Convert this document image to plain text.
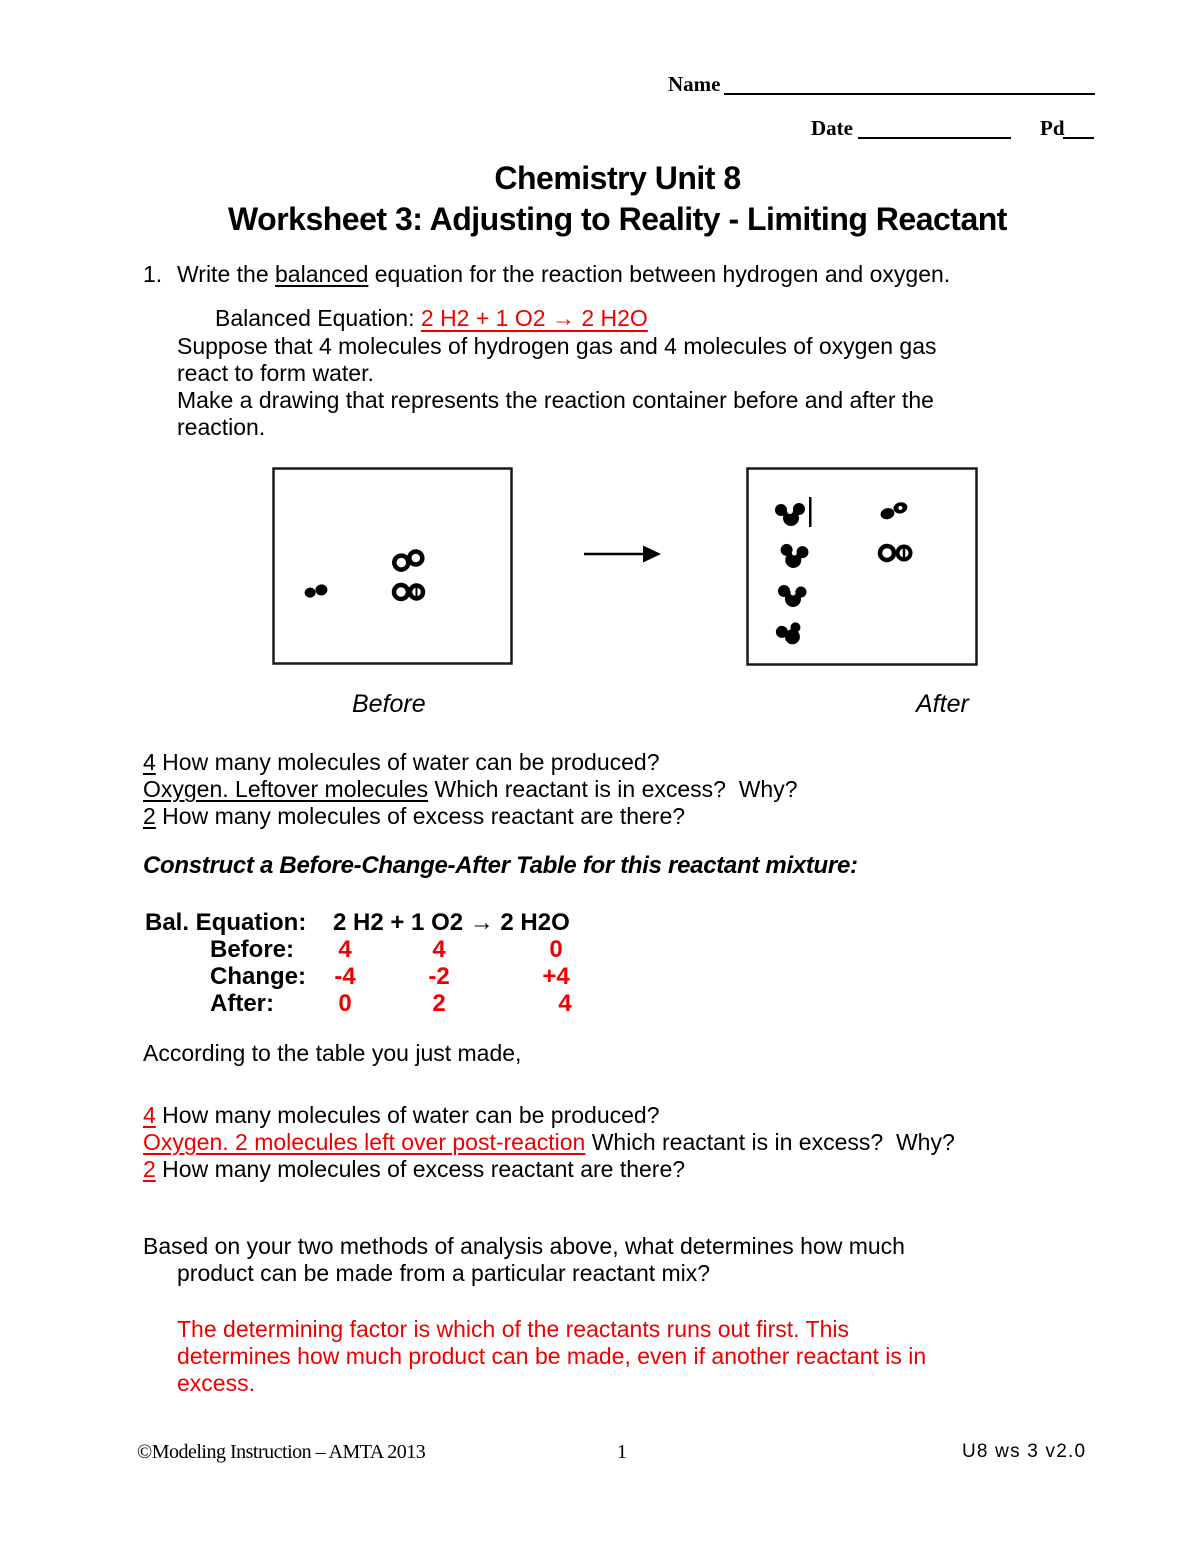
Name
Date	Pd
Chemistry Unit 8
Worksheet 3: Adjusting to Reality - Limiting Reactant
1. Write the balanced equation for the reaction between hydrogen and oxygen.
Balanced Equation: 2 H2 + 1 O2 → 2 H2O
Suppose that 4 molecules of hydrogen gas and 4 molecules of oxygen gas
react to form water.
Make a drawing that represents the reaction container before and after the
reaction.
Before	After
4 How many molecules of water can be produced?
Oxygen. Leftover molecules Which reactant is in excess?  Why?
2 How many molecules of excess reactant are there?
Construct a Before-Change-After Table for this reactant mixture:
Bal. Equation: 2 H2 + 1 O2 → 2 H2O
Before:	4	4	0
Change:	-4	-2	+4
After:	0	2	4
According to the table you just made,
4 How many molecules of water can be produced?
Oxygen. 2 molecules left over post-reaction Which reactant is in excess?  Why?
2 How many molecules of excess reactant are there?
Based on your two methods of analysis above, what determines how much
product can be made from a particular reactant mix?
The determining factor is which of the reactants runs out first. This
determines how much product can be made, even if another reactant is in
excess.
©Modeling Instruction – AMTA 2013	1	U8 ws 3 v2.0
